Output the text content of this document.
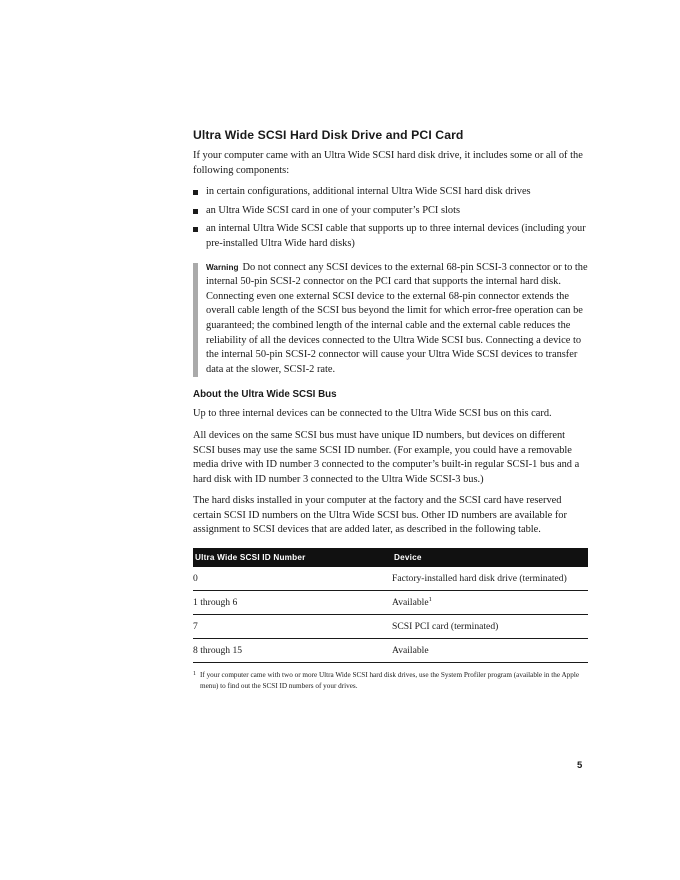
Ultra Wide SCSI Hard Disk Drive and PCI Card

If your computer came with an Ultra Wide SCSI hard disk drive, it includes some or all of the following components:

in certain configurations, additional internal Ultra Wide SCSI hard disk drives
an Ultra Wide SCSI card in one of your computer’s PCI slots
an internal Ultra Wide SCSI cable that supports up to three internal devices (including your pre-installed Ultra Wide hard disks)
Warning Do not connect any SCSI devices to the external 68-pin SCSI-3 connector or to the internal 50-pin SCSI-2 connector on the PCI card that supports the internal hard disk. Connecting even one external SCSI device to the external 68-pin connector extends the overall cable length of the SCSI bus beyond the limit for which error-free operation can be guaranteed; the combined length of the internal cable and the external cable reduces the reliability of all the devices connected to the Ultra Wide SCSI bus. Connecting a device to the internal 50-pin SCSI-2 connector will cause your Ultra Wide SCSI devices to transfer data at the slower, SCSI-2 rate.
About the Ultra Wide SCSI Bus

Up to three internal devices can be connected to the Ultra Wide SCSI bus on this card.

All devices on the same SCSI bus must have unique ID numbers, but devices on different SCSI buses may use the same SCSI ID number. (For example, you could have a removable media drive with ID number 3 connected to the computer’s built-in regular SCSI-1 bus and a hard disk with ID number 3 connected to the Ultra Wide SCSI-3 bus.)

The hard disks installed in your computer at the factory and the SCSI card have reserved certain SCSI ID numbers on the Ultra Wide SCSI bus. Other ID numbers are available for assignment to SCSI devices that are added later, as described in the following table.

Ultra Wide SCSI ID Number	Device
0	Factory-installed hard disk drive (terminated)
1 through 6	Available$^1$
7	SCSI PCI card (terminated)
8 through 15	Available
1 If your computer came with two or more Ultra Wide SCSI hard disk drives, use the System Profiler program (available in the Apple menu) to find out the SCSI ID numbers of your drives.
5
